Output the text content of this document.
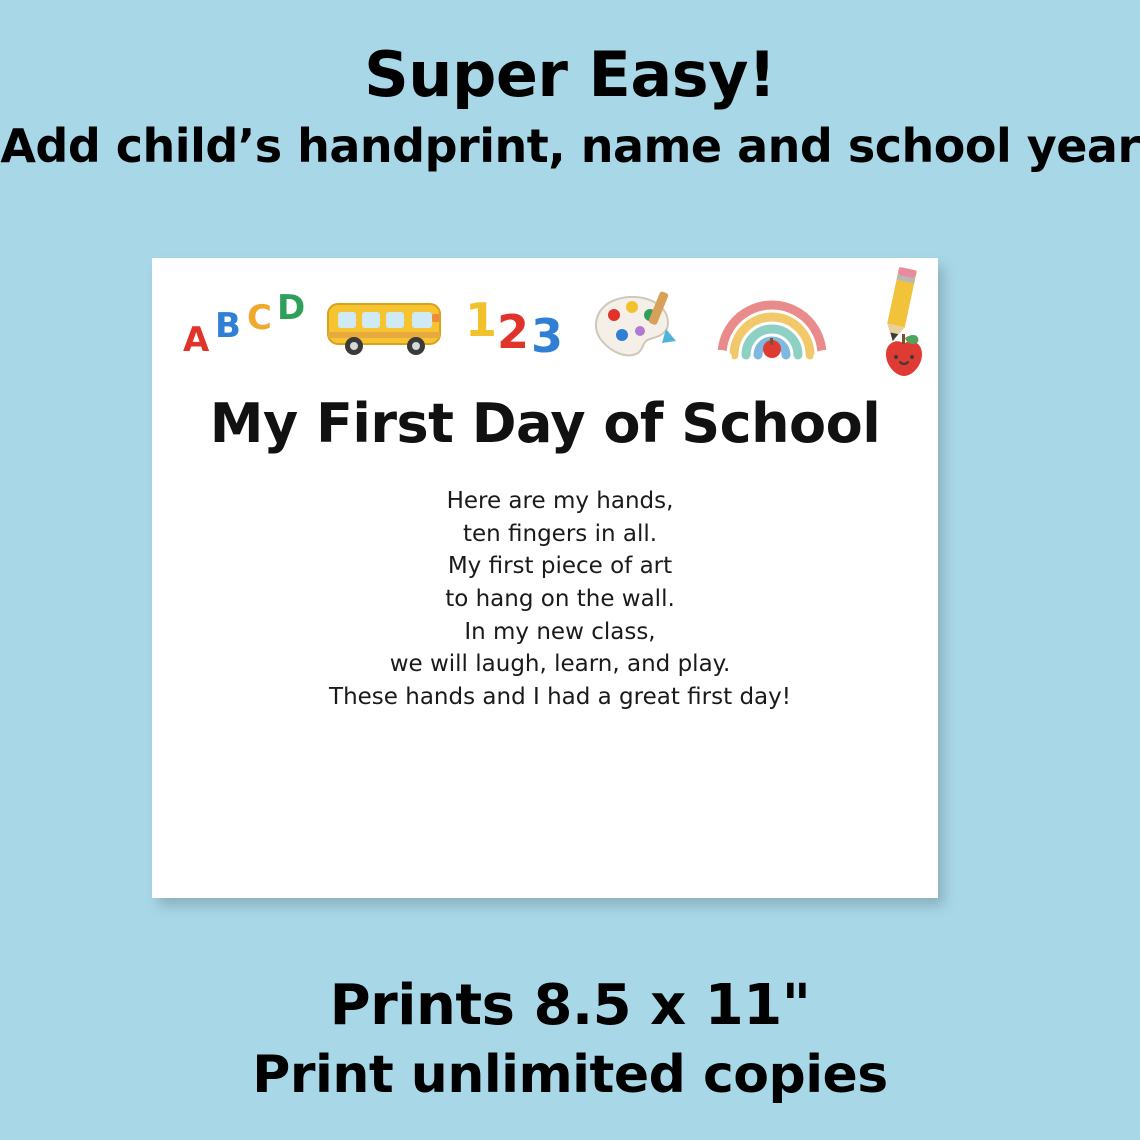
Super Easy!
Add child’s handprint, name and school year
A B C D	1 2 3
My First Day of School
Here are my hands,
ten fingers in all.
My first piece of art
to hang on the wall.
In my new class,
we will laugh, learn, and play.
These hands and I had a great first day!
Prints 8.5 x 11"
Print unlimited copies
